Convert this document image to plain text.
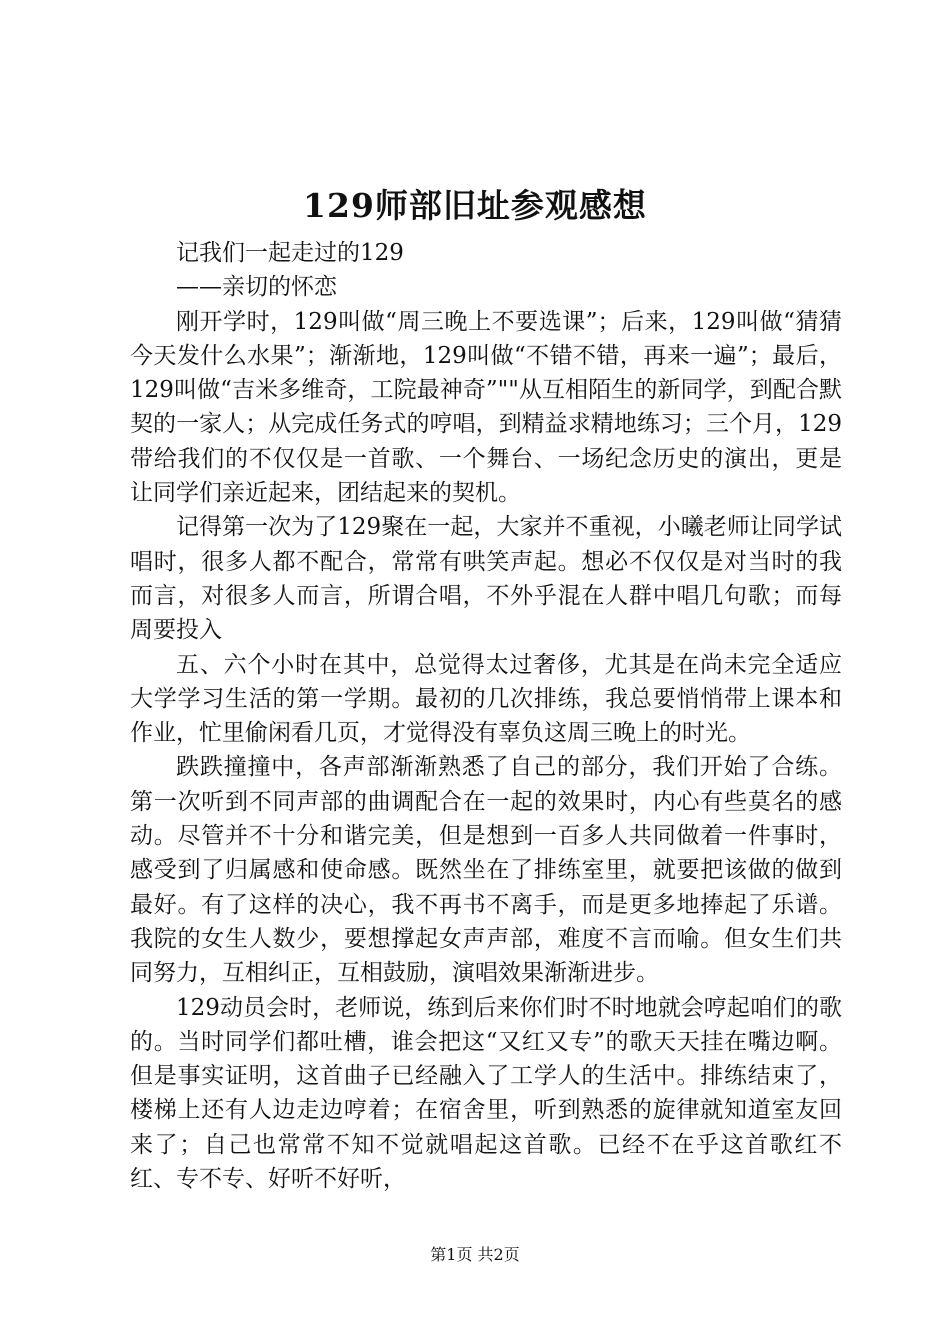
129师部旧址参观感想

记我们一起走过的129

——亲切的怀恋

刚开学时，129叫做“周三晚上不要选课”；后来，129叫做“猜猜今天发什么水果”；渐渐地，129叫做“不错不错，再来一遍”；最后，129叫做“吉米多维奇，工院最神奇”""从互相陌生的新同学，到配合默契的一家人；从完成任务式的哼唱，到精益求精地练习；三个月，129带给我们的不仅仅是一首歌、一个舞台、一场纪念历史的演出，更是让同学们亲近起来，团结起来的契机。

记得第一次为了129聚在一起，大家并不重视，小曦老师让同学试唱时，很多人都不配合，常常有哄笑声起。想必不仅仅是对当时的我而言，对很多人而言，所谓合唱，不外乎混在人群中唱几句歌；而每周要投入

五、六个小时在其中，总觉得太过奢侈，尤其是在尚未完全适应大学学习生活的第一学期。最初的几次排练，我总要悄悄带上课本和作业，忙里偷闲看几页，才觉得没有辜负这周三晚上的时光。

跌跌撞撞中，各声部渐渐熟悉了自己的部分，我们开始了合练。第一次听到不同声部的曲调配合在一起的效果时，内心有些莫名的感动。尽管并不十分和谐完美，但是想到一百多人共同做着一件事时，感受到了归属感和使命感。既然坐在了排练室里，就要把该做的做到最好。有了这样的决心，我不再书不离手，而是更多地捧起了乐谱。我院的女生人数少，要想撑起女声声部，难度不言而喻。但女生们共同努力，互相纠正，互相鼓励，演唱效果渐渐进步。

129动员会时，老师说，练到后来你们时不时地就会哼起咱们的歌的。当时同学们都吐槽，谁会把这“又红又专”的歌天天挂在嘴边啊。但是事实证明，这首曲子已经融入了工学人的生活中。排练结束了，楼梯上还有人边走边哼着；在宿舍里，听到熟悉的旋律就知道室友回来了；自己也常常不知不觉就唱起这首歌。已经不在乎这首歌红不红、专不专、好听不好听，

第1页 共2页
